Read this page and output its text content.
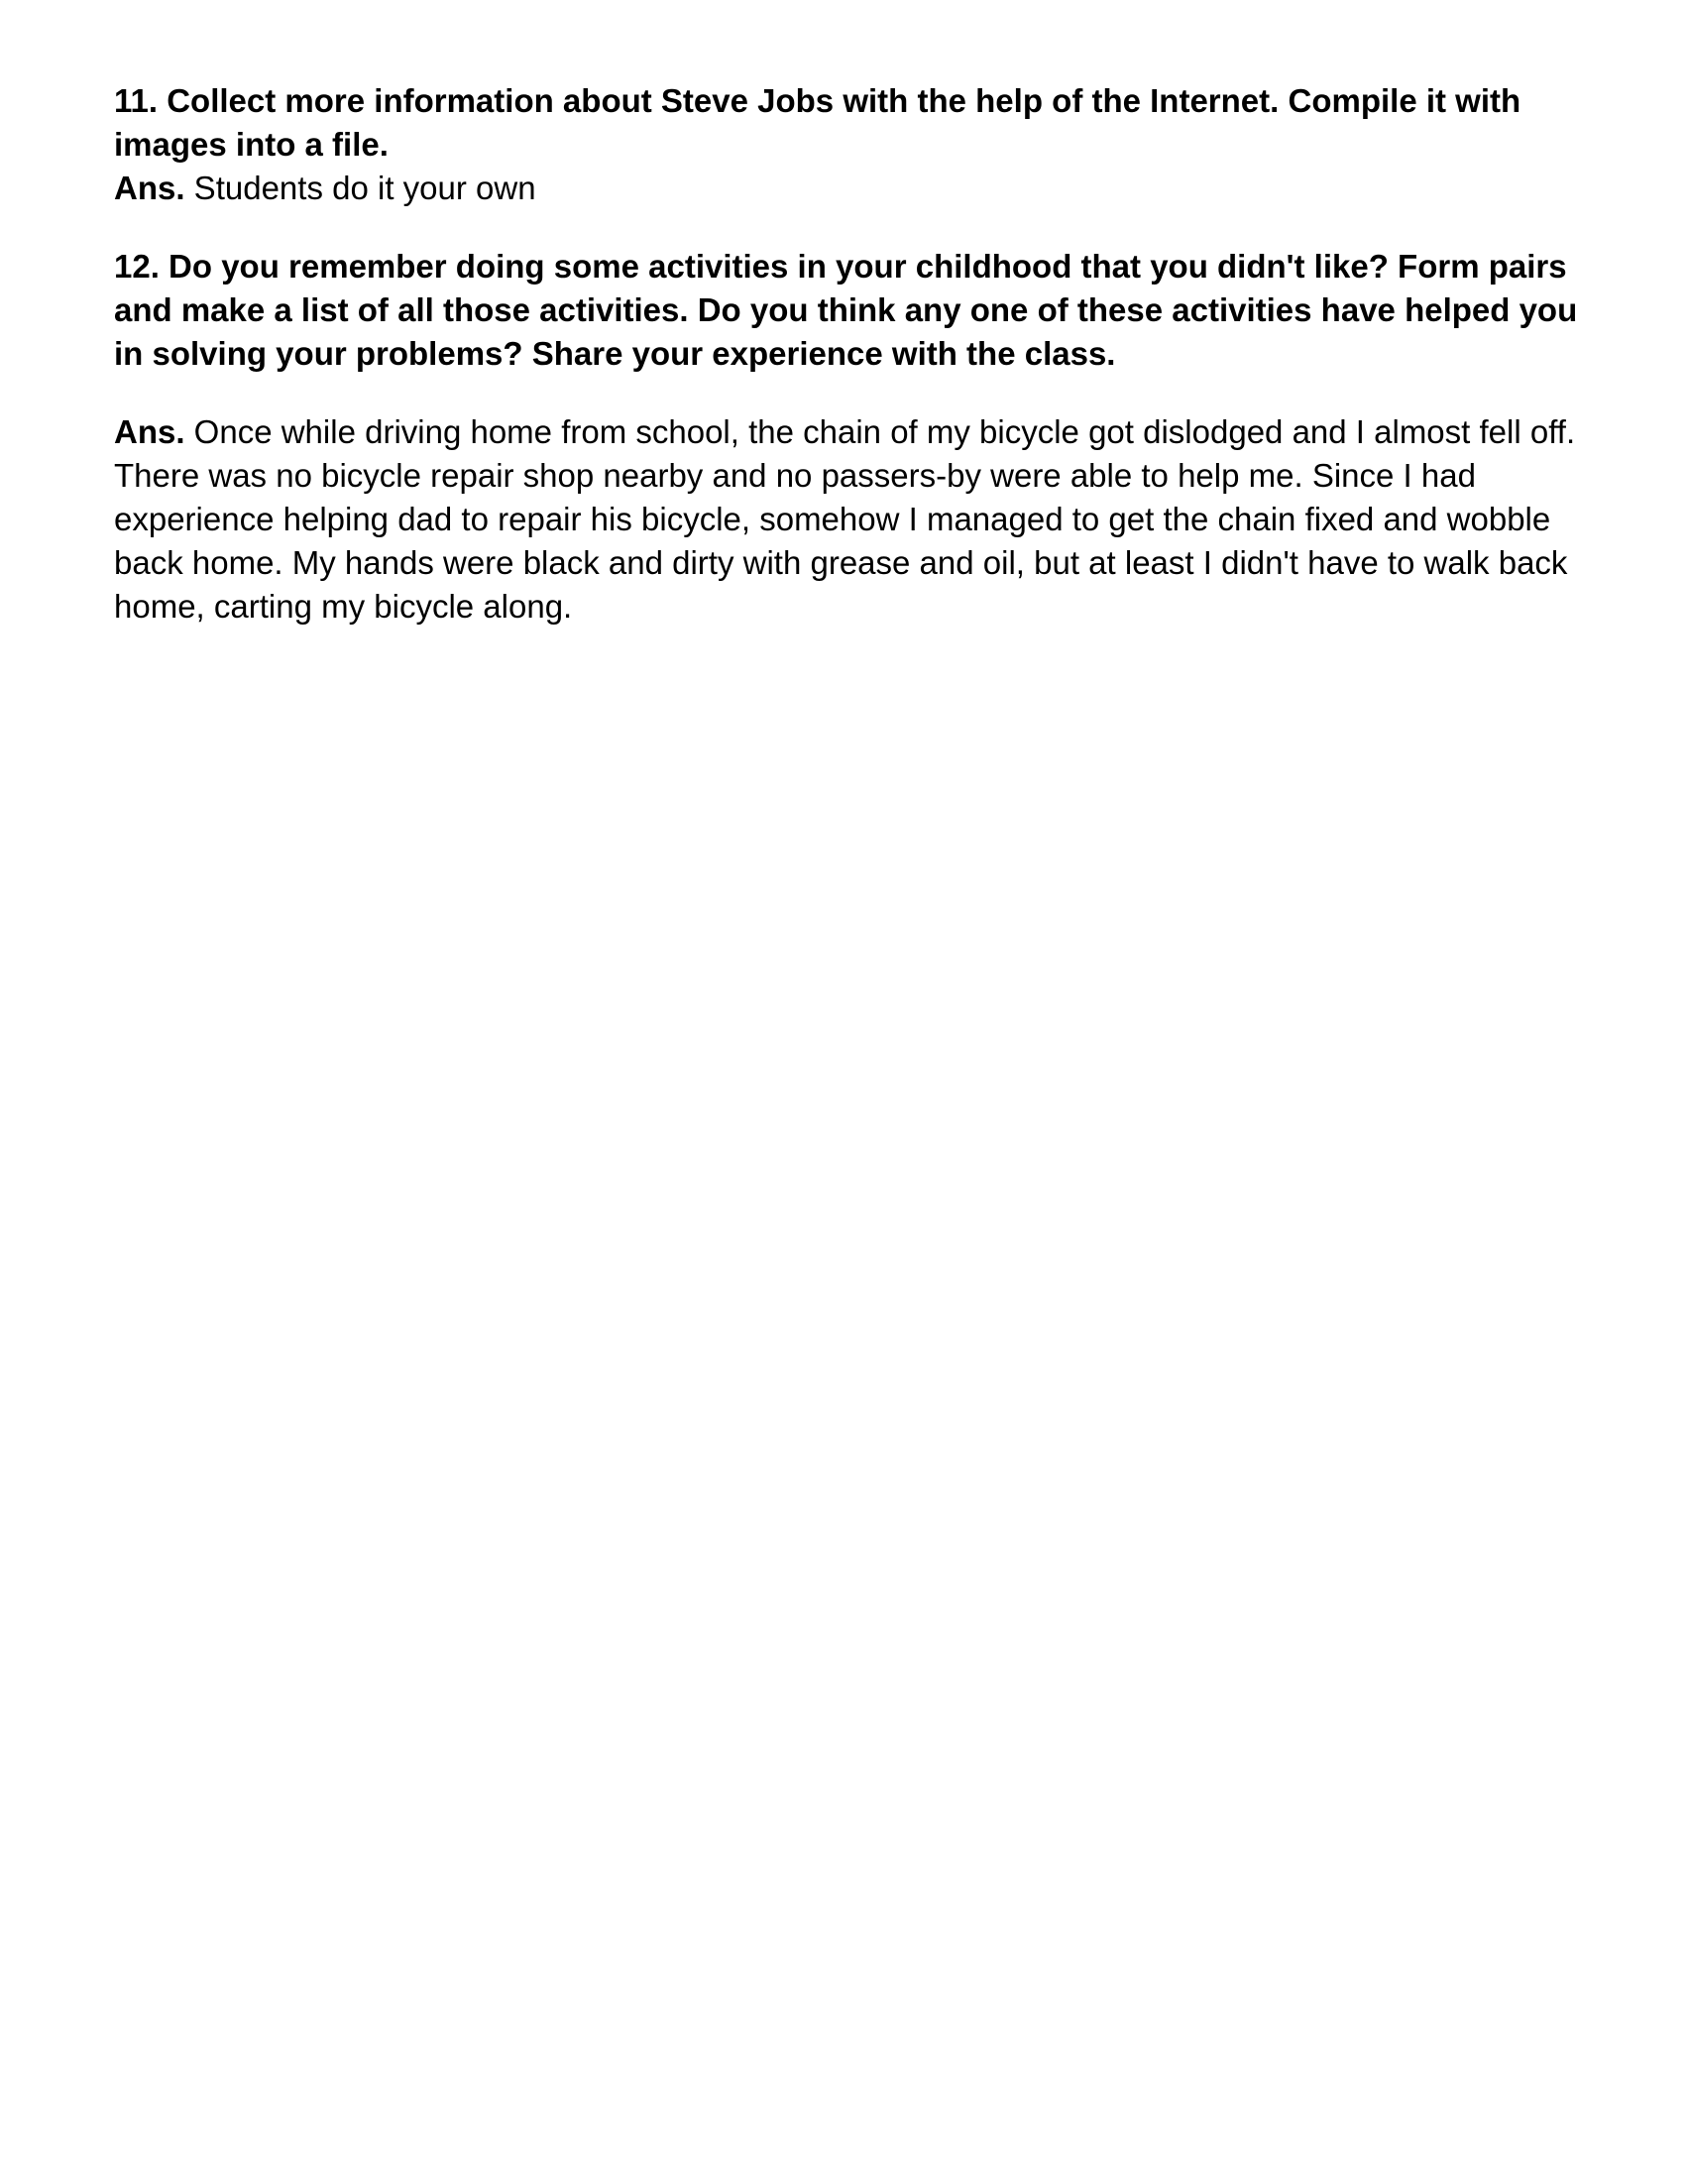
11. Collect more information about Steve Jobs with the help of the Internet. Compile it with images into a file.

Ans. Students do it your own

12. Do you remember doing some activities in your childhood that you didn't like? Form pairs and make a list of all those activities. Do you think any one of these activities have helped you in solving your problems? Share your experience with the class.

Ans. Once while driving home from school, the chain of my bicycle got dislodged and I almost fell off. There was no bicycle repair shop nearby and no passers-by were able to help me. Since I had experience helping dad to repair his bicycle, somehow I managed to get the chain fixed and wobble back home. My hands were black and dirty with grease and oil, but at least I didn't have to walk back home, carting my bicycle along.
